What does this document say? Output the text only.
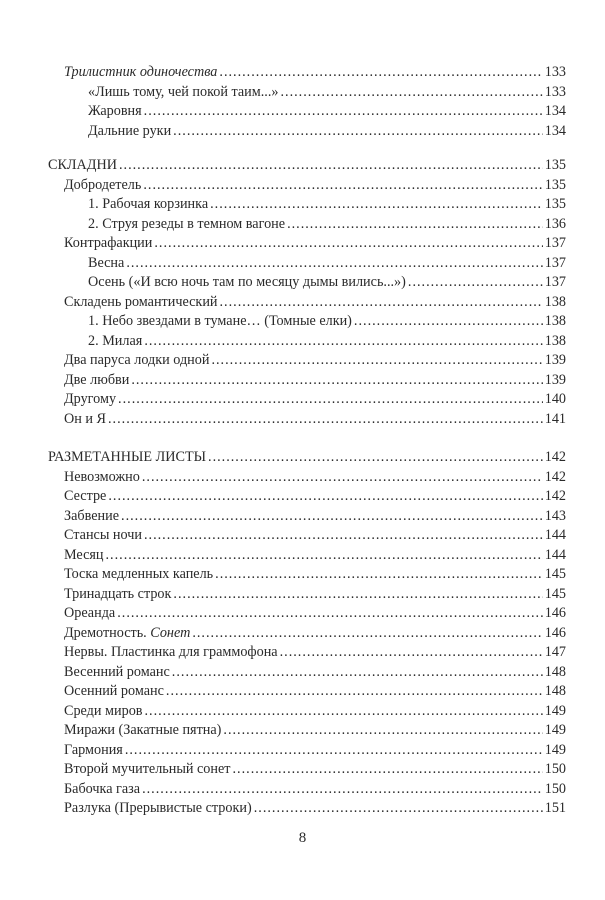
Трилистник одиночества .....	133
«Лишь тому, чей покой таим...» .....	133
Жаровня .....	134
Дальние руки .....	134
СКЛАДНИ .....	135
Добродетель .....	135
1. Рабочая корзинка .....	135
2. Струя резеды в темном вагоне .....	136
Контрафакции .....	137
Весна .....	137
Осень («И всю ночь там по месяцу дымы вились...») .....	137
Складень романтический .....	138
1. Небо звездами в тумане… (Томные елки) .....	138
2. Милая .....	138
Два паруса лодки одной .....	139
Две любви .....	139
Другому .....	140
Он и Я .....	141
РАЗМЕТАННЫЕ ЛИСТЫ .....	142
Невозможно .....	142
Сестре .....	142
Забвение .....	143
Стансы ночи .....	144
Месяц .....	144
Тоска медленных капель .....	145
Тринадцать строк .....	145
Ореанда .....	146
Дремотность. Сонет .....	146
Нервы. Пластинка для граммофона .....	147
Весенний романс .....	148
Осенний романс .....	148
Среди миров .....	149
Миражи (Закатные пятна) .....	149
Гармония .....	149
Второй мучительный сонет .....	150
Бабочка газа .....	150
Разлука (Прерывистые строки) .....	151
8
